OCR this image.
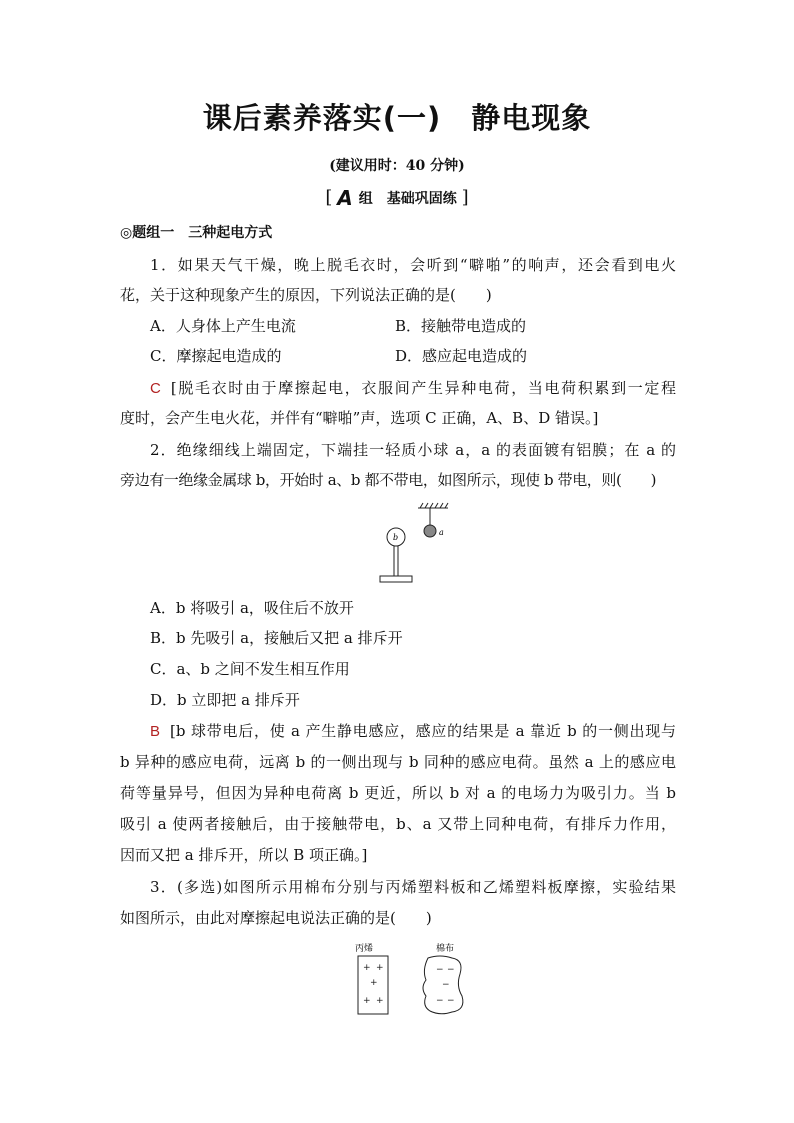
课后素养落实(一)　静电现象
(建议用时：40 分钟)
[ A 组　基础巩固练 ]
◎题组一　三种起电方式
1．如果天气干燥，晚上脱毛衣时，会听到“噼啪”的响声，还会看到电火
花，关于这种现象产生的原因，下列说法正确的是(　　)
A．人身体上产生电流	B．接触带电造成的
C．摩擦起电造成的	D．感应起电造成的
C [脱毛衣时由于摩擦起电，衣服间产生异种电荷，当电荷积累到一定程
度时，会产生电火花，并伴有“噼啪”声，选项 C 正确，A、B、D 错误。]
2．绝缘细线上端固定，下端挂一轻质小球 a，a 的表面镀有铝膜；在 a 的
旁边有一绝缘金属球 b，开始时 a、b 都不带电，如图所示，现使 b 带电，则(　　)
a
b
A．b 将吸引 a，吸住后不放开
B．b 先吸引 a，接触后又把 a 排斥开
C．a、b 之间不发生相互作用
D．b 立即把 a 排斥开
B [b 球带电后，使 a 产生静电感应，感应的结果是 a 靠近 b 的一侧出现与
b 异种的感应电荷，远离 b 的一侧出现与 b 同种的感应电荷。虽然 a 上的感应电
荷等量异号，但因为异种电荷离 b 更近，所以 b 对 a 的电场力为吸引力。当 b
吸引 a 使两者接触后，由于接触带电，b、a 又带上同种电荷，有排斥力作用，
因而又把 a 排斥开，所以 B 项正确。]
3．(多选)如图所示用棉布分别与丙烯塑料板和乙烯塑料板摩擦，实验结果
如图所示，由此对摩擦起电说法正确的是(　　)
丙烯	棉布
+ +
+
+ +
− −
−
− −
